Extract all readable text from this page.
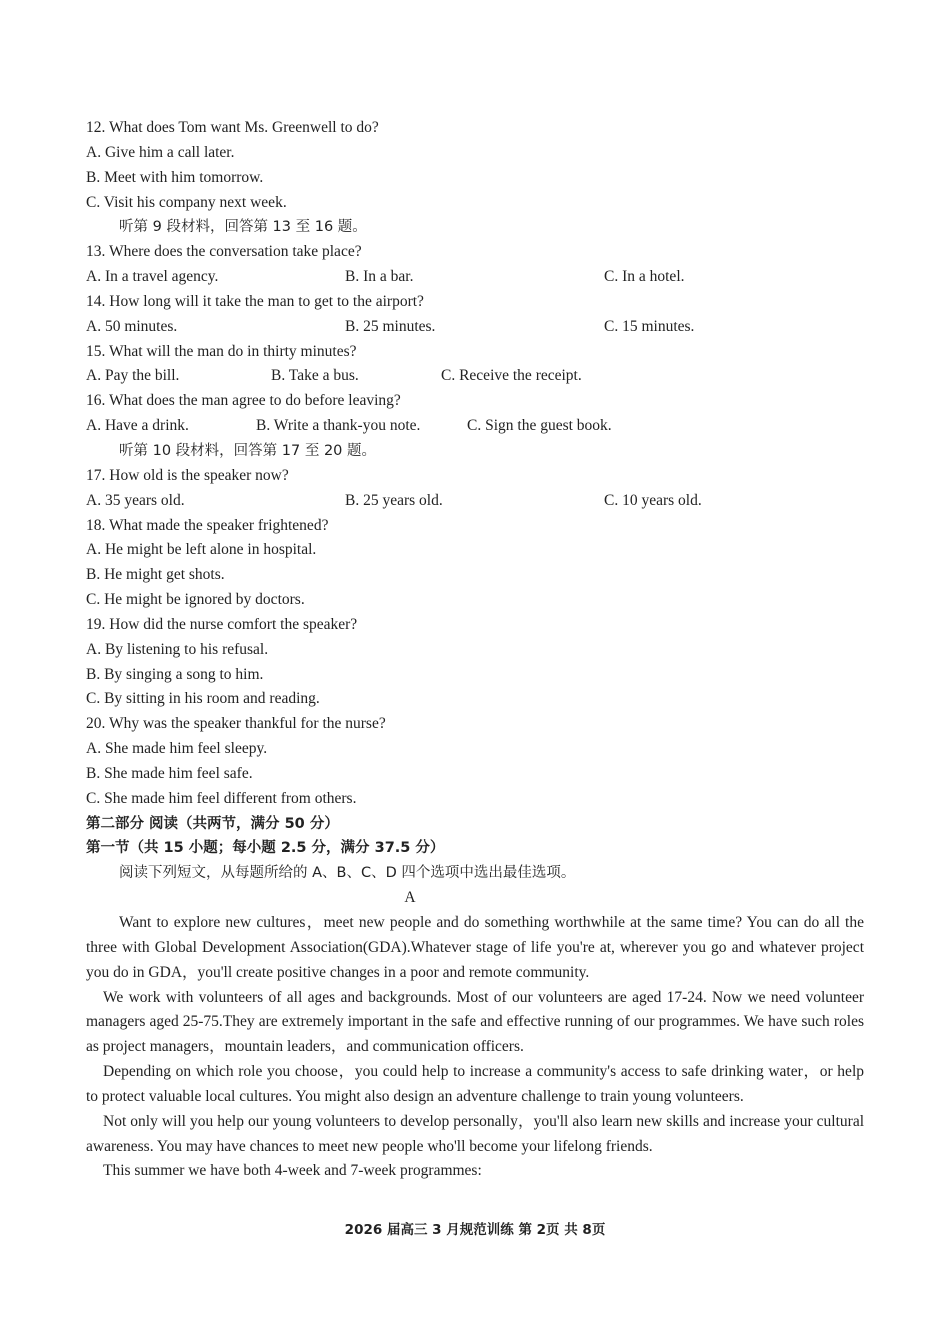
12. What does Tom want Ms. Greenwell to do?
A. Give him a call later.
B. Meet with him tomorrow.
C. Visit his company next week.
听第 9 段材料，回答第 13 至 16 题。
13. Where does the conversation take place?
A. In a travel agency.	B. In a bar.	C. In a hotel.
14. How long will it take the man to get to the airport?
A. 50 minutes.	B. 25 minutes.	C. 15 minutes.
15. What will the man do in thirty minutes?
A. Pay the bill.	B. Take a bus.	C. Receive the receipt.
16. What does the man agree to do before leaving?
A. Have a drink.	B. Write a thank-you note.	C. Sign the guest book.
听第 10 段材料，回答第 17 至 20 题。
17. How old is the speaker now?
A. 35 years old.	B. 25 years old.	C. 10 years old.
18. What made the speaker frightened?
A. He might be left alone in hospital.
B. He might get shots.
C. He might be ignored by doctors.
19. How did the nurse comfort the speaker?
A. By listening to his refusal.
B. By singing a song to him.
C. By sitting in his room and reading.
20. Why was the speaker thankful for the nurse?
A. She made him feel sleepy.
B. She made him feel safe.
C. She made him feel different from others.
第二部分 阅读（共两节，满分 50 分）
第一节（共 15 小题；每小题 2.5 分，满分 37.5 分）
阅读下列短文，从每题所给的 A、B、C、D 四个选项中选出最佳选项。
A

Want to explore new cultures，meet new people and do something worthwhile at the same time? You can do all the three with Global Development Association(GDA).Whatever stage of life you're at, wherever you go and whatever project you do in GDA，you'll create positive changes in a poor and remote community.

We work with volunteers of all ages and backgrounds. Most of our volunteers are aged 17-24. Now we need volunteer managers aged 25-75.They are extremely important in the safe and effective running of our programmes. We have such roles as project managers，mountain leaders，and communication officers.

Depending on which role you choose，you could help to increase a community's access to safe drinking water，or help to protect valuable local cultures. You might also design an adventure challenge to train young volunteers.

Not only will you help our young volunteers to develop personally，you'll also learn new skills and increase your cultural awareness. You may have chances to meet new people who'll become your lifelong friends.

This summer we have both 4-week and 7-week programmes:

2026 届高三 3 月规范训练 第 2页 共 8页
